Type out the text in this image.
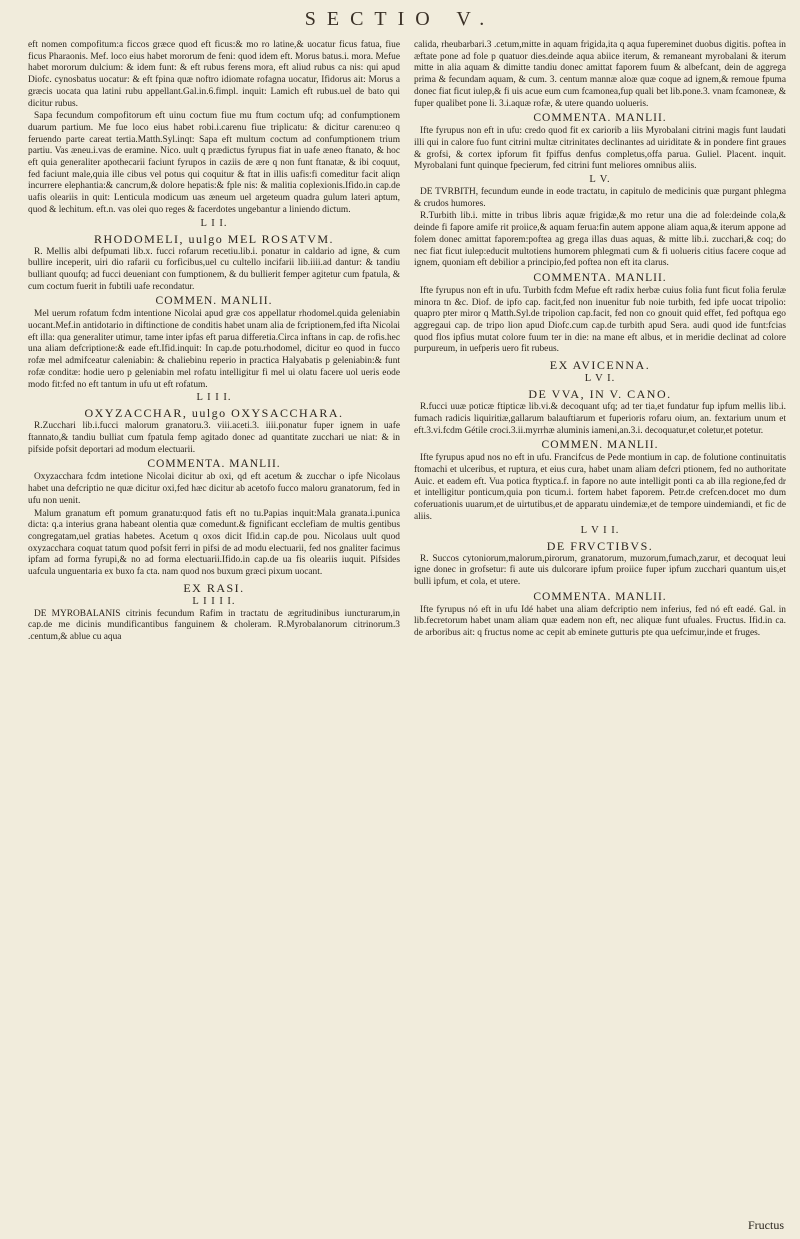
SECTIO V.

eft nomen compofitum:a ficcos græce quod eft ficus:& mo ro latine,& uocatur ficus fatua, fiue ficus Pharaonis. Mef. loco eius habet mororum de feni: quod idem eft. Morus batus.i. mora. Mefue habet mororum dulcium: & idem funt: & eft rubus ferens mora, eft aliud rubus ca nis: qui apud Diofc. cynosbatus uocatur: & eft fpina quæ noftro idiomate rofagna uocatur, Ifidorus ait: Morus a græcis uocata qua latini rubu appellant.Gal.in.6.fimpl. inquit: Lamich eft rubus.uel de bato qui dicitur rubus.

Sapa fecundum compofitorum eft uinu coctum fiue mu ftum coctum ufq; ad confumptionem duarum partium. Me fue loco eius habet robi.i.carenu fiue triplicatu: & dicitur carenu:eo q feruendo parte careat tertia.Matth.Syl.inqt: Sapa eft multum coctum ad confumptionem trium partiu. Vas æneu.i.vas de eramine. Nico. uult q prædictus fyrupus fiat in uafe æneo ftanato, & hoc eft quia generaliter apothecarii faciunt fyrupos in caziis de ære q non funt ftanatæ, & ibi coquut, fed faciunt male,quia ille cibus vel potus qui coquitur & ftat in illis uafis:fi comeditur facit aliqn incurrere elephantia:& cancrum,& dolore hepatis:& fple nis: & malitia coplexionis.Ifido.in cap.de uafis oleariis in quit: Lenticula modicum uas æneum uel argeteum quadra gulum lateri aptum, quod & lechitum. eft.n. vas olei quo reges & facerdotes ungebantur a liniendo dictum.

L I I.
RHODOMELI, uulgo MEL ROSATVM.

R. Mellis albi defpumati lib.x. fucci rofarum recetiu.lib.i. ponatur in caldario ad igne, & cum bullire inceperit, uiri dio rafarii cu forficibus,uel cu cultello incifarii lib.iiii.ad dantur: & tandiu bulliant quoufq; ad fucci deueniant con fumptionem, & du bullierit femper agitetur cum fpatula, & cum coctum fuerit in fubtili uafe recondatur.

COMMEN. MANLII.

Mel uerum rofatum fcdm intentione Nicolai apud græ cos appellatur rhodomel.quida geleniabin uocant.Mef.in antidotario in diftinctione de conditis habet unam alia de fcriptionem,fed ifta Nicolai eft illa: qua generaliter utimur, tame inter ipfas eft parua differetia.Circa inftans in cap. de rofis.hec una aliam defcriptione:& eade eft.Ifid.inquit: In cap.de potu.rhodomel, dicitur eo quod in fucco rofæ mel admifceatur caleniabin: & chaliebinu reperio in practica Halyabatis p geleniabin:& funt rofæ conditæ: hodie uero p geleniabin mel rofatu intelligitur fi mel ui olatu facere uol ueris eode modo fit:fed no eft tantum in ufu ut eft rofatum.

L I I I.
OXYZACCHAR, uulgo OXYSACCHARA.

R.Zucchari lib.i.fucci malorum granatoru.3. viii.aceti.3. iiii.ponatur fuper ignem in uafe ftannato,& tandiu bulliat cum fpatula femp agitado donec ad quantitate zucchari ue niat: & in pifside pofsit deportari ad modum electuarii.

COMMENTA. MANLII.

Oxyzacchara fcdm intetione Nicolai dicitur ab oxi, qd eft acetum & zucchar o ipfe Nicolaus habet una defcriptio ne quæ dicitur oxi,fed hæc dicitur ab acetofo fucco maloru granatorum, fed in ufu non uenit.

Malum granatum eft pomum granatu:quod fatis eft no tu.Papias inquit:Mala granata.i.punica dicta: q.a interius grana habeant olentia quæ comedunt.& fignificant ecclefiam de multis gentibus congregatam,uel gratias habetes. Acetum q oxos dicit Ifid.in cap.de pou. Nicolaus uult quod oxyzacchara coquat tatum quod pofsit ferri in pifsi de ad modu electuarii, fed nos gnaliter facimus ipfam ad forma fyrupi,& no ad forma electuarii.Ifido.in cap.de ua fis oleariis iuquit. Pifsides uafcula unguentaria ex buxo fa cta. nam quod nos buxum græci pixum uocant.

EX RASI.
L I I I I.

DE MYROBALANIS citrinis fecundum Rafim in tractatu de ægritudinibus iuncturarum,in cap.de me dicinis mundificantibus fanguinem & choleram. R.Myrobalanorum citrinorum.3 .centum,& ablue cu aqua

calida, rheubarbari.3 .cetum,mitte in aquam frigida,ita q aqua fupereminet duobus digitis. poftea in æftate pone ad fole p quatuor dies.deinde aqua abiice iterum, & remaneant myrobalani & iterum mitte in alia aquam & dimitte tandiu donec amittat faporem fuum & albefcant, dein de aggrega prima & fecundam aquam, & cum. 3. centum mannæ aloæ quæ coque ad ignem,& remoue fpuma donec fiat ficut iulep,& fi uis acue eum cum fcamonea,fup quali bet lib.pone.3. vnam fcamoneæ, & fuper qualibet pone li. 3.i.aquæ rofæ, & utere quando uolueris.

COMMENTA. MANLII.

Ifte fyrupus non eft in ufu: credo quod fit ex cariorib a liis Myrobalani citrini magis funt laudati illi qui in calore fuo funt citrini multæ citrinitates declinantes ad uiriditate & in pondere fint graues & grofsi, & cortex ipforum fit fpiffus denfus completus,offa parua. Guliel. Placent. inquit. Myrobalani funt quinque fpecierum, fed citrini funt meliores omnibus aliis.

L V.

DE TVRBITH, fecundum eunde in eode tractatu, in capitulo de medicinis quæ purgant phlegma & crudos humores.

R.Turbith lib.i. mitte in tribus libris aquæ frigidæ,& mo retur una die ad fole:deinde cola,& deinde fi fapore amife rit proiice,& aquam ferua:fin autem appone aliam aqua,& iterum appone ad folem donec amittat faporem:poftea ag grega illas duas aquas, & mitte lib.i. zucchari,& coq; do nec fiat ficut iulep:educit multotiens humorem phlegmati cum & fi uolueris citius facere coque ad ignem, quoniam eft debilior a principio,fed poftea non eft ita clarus.

COMMENTA. MANLII.

Ifte fyrupus non eft in ufu. Turbith fcdm Mefue eft radix herbæ cuius folia funt ficut folia ferulæ minora tn &c. Diof. de ipfo cap. facit,fed non inuenitur fub noie turbith, fed ipfe uocat tripolio: quapro pter miror q Matth.Syl.de tripolion cap.facit, fed non co gnouit quid effet, fed poftqua ego aggregaui cap. de tripo lion apud Diofc.cum cap.de turbith apud Sera. audi quod ide funt:fcias quod flos ipfius mutat colore fuum ter in die: na mane eft albus, et in meridie declinat ad colore purpureum, in uefperis uero fit rubeus.

EX AVICENNA.
L V I.
DE VVA, IN V. CANO.

R.fucci uuæ poticæ ftipticæ lib.vi.& decoquant ufq; ad ter tia,et fundatur fup ipfum mellis lib.i. fumach radicis liquiritiæ,gallarum balauftiarum et fuperioris rofaru oium, an. fextarium unum et eft.3.vi.fcdm Gétile croci.3.ii.myrrhæ aluminis iameni,an.3.i. decoquatur,et coletur,et potetur.

COMMEN. MANLII.

Ifte fyrupus apud nos no eft in ufu. Francifcus de Pede montium in cap. de folutione continuitatis ftomachi et ulceribus, et ruptura, et eius cura, habet unam aliam defcri ptionem, fed no authoritate Auic. et eadem eft. Vua potica ftyptica.f. in fapore no aute intelligit ponti ca ab illa regione,fed dr et intelligitur ponticum,quia pon ticum.i. fortem habet faporem. Petr.de crefcen.docet mo dum coferuationis uuarum,et de uirtutibus,et de apparatu uindemiæ,et de tempore uindemiandi, et fic de aliis.

L V I I.
DE FRVCTIBVS.

R. Succos cytoniorum,malorum,pirorum, granatorum, muzorum,fumach,zarur, et decoquat leui igne donec in grofsetur: fi aute uis dulcorare ipfum proiice fuper ipfum zucchari quantum uis,et bulli ipfum, et cola, et utere.

COMMENTA. MANLII.

Ifte fyrupus nó eft in ufu Idé habet una aliam defcriptio nem inferius, fed nó eft eadé. Gal. in lib.fecretorum habet unam aliam quæ eadem non eft, nec aliquæ funt ufuales. Fructus. Ifid.in ca. de arboribus ait: q fructus nome ac cepit ab eminete gutturis pte qua uefcimur,inde et fruges.

Fructus
